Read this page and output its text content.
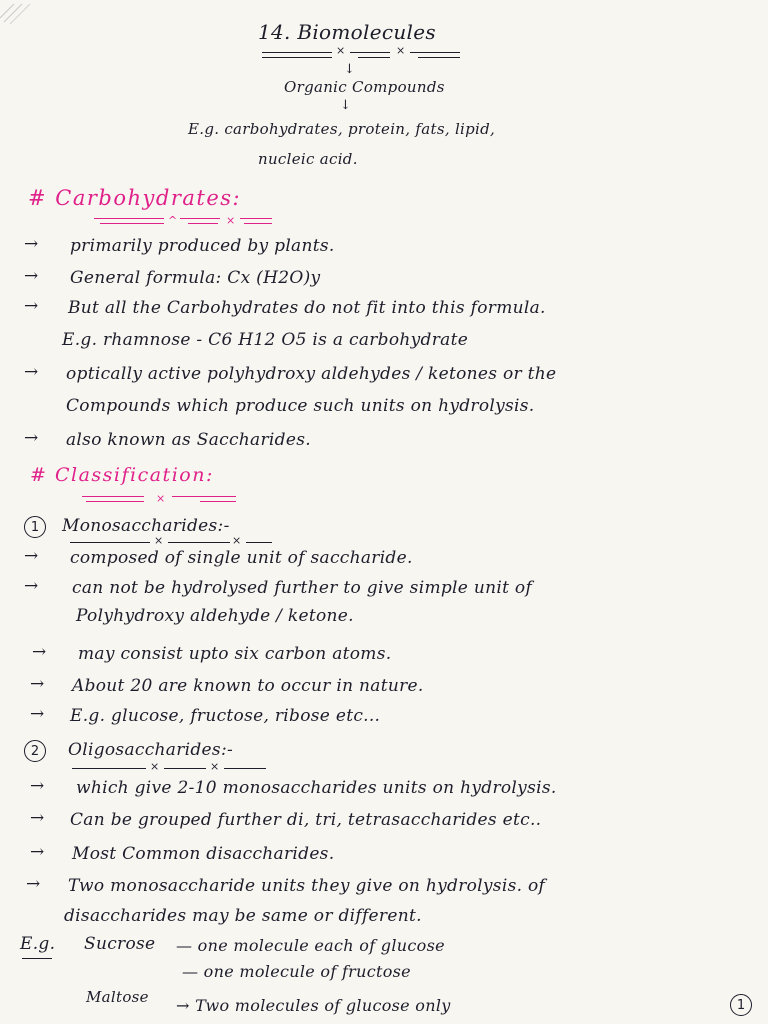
14. Biomolecules
×	×
↓
Organic Compounds
↓
E.g. carbohydrates, protein, fats, lipid,
nucleic acid.
# Carbohydrates:
^	×
→ primarily produced by plants.
→ General formula: Cx (H2O)y
→ But all the Carbohydrates do not fit into this formula.
E.g. rhamnose - C6 H12 O5 is a carbohydrate
→ optically active polyhydroxy aldehydes / ketones or the
Compounds which produce such units on hydrolysis.
→ also known as Saccharides.
# Classification:
×
1	Monosaccharides:-
×	×
→ composed of single unit of saccharide.
→ can not be hydrolysed further to give simple unit of
Polyhydroxy aldehyde / ketone.
→ may consist upto six carbon atoms.
→ About 20 are known to occur in nature.
→ E.g. glucose, fructose, ribose etc...
2	Oligosaccharides:-
×	×
→ which give 2-10 monosaccharides units on hydrolysis.
→ Can be grouped further di, tri, tetrasaccharides etc..
→ Most Common disaccharides.
→ Two monosaccharide units they give on hydrolysis. of
disaccharides may be same or different.
E.g. Sucrose — one molecule each of glucose
— one molecule of fructose
Maltose → Two molecules of glucose only	1
